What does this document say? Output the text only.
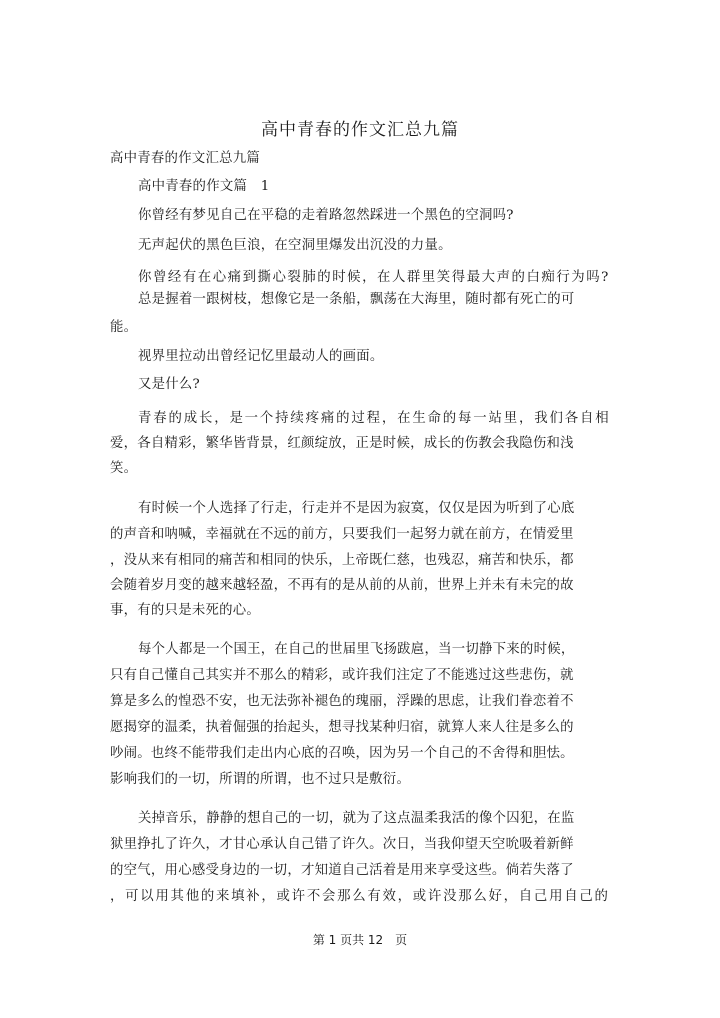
高中青春的作文汇总九篇
高中青春的作文汇总九篇
高中青春的作文篇　1
你曾经有梦见自己在平稳的走着路忽然踩进一个黑色的空洞吗?
无声起伏的黑色巨浪，在空洞里爆发出沉没的力量。
你曾经有在心痛到撕心裂肺的时候，在人群里笑得最大声的白痴行为吗?
总是握着一跟树枝，想像它是一条船，飘荡在大海里，随时都有死亡的可
能。
视界里拉动出曾经记忆里最动人的画面。
又是什么?
青春的成长，是一个持续疼痛的过程，在生命的每一站里，我们各自相
爱，各自精彩，繁华皆背景，红颜绽放，正是时候，成长的伤教会我隐伤和浅
笑。
有时候一个人选择了行走，行走并不是因为寂寞，仅仅是因为听到了心底
的声音和呐喊，幸福就在不远的前方，只要我们一起努力就在前方，在情爱里
，没从来有相同的痛苦和相同的快乐，上帝既仁慈，也残忍，痛苦和快乐，都
会随着岁月变的越来越轻盈，不再有的是从前的从前，世界上并未有未完的故
事，有的只是未死的心。
每个人都是一个国王，在自己的世届里飞扬跋扈，当一切静下来的时候，
只有自己懂自己其实并不那么的精彩，或许我们注定了不能逃过这些悲伤，就
算是多么的惶恐不安，也无法弥补褪色的瑰丽，浮躁的思虑，让我们眷恋着不
愿揭穿的温柔，执着倔强的抬起头，想寻找某种归宿，就算人来人往是多么的
吵闹。也终不能带我们走出内心底的召唤，因为另一个自己的不舍得和胆怯。
影响我们的一切，所谓的所谓，也不过只是敷衍。
关掉音乐，静静的想自己的一切，就为了这点温柔我活的像个囚犯，在监
狱里挣扎了许久，才甘心承认自己错了许久。次日，当我仰望天空吮吸着新鲜
的空气，用心感受身边的一切，才知道自己活着是用来享受这些。倘若失落了
，可以用其他的来填补，或许不会那么有效，或许没那么好，自己用自己的
第 1 页共 12　页
